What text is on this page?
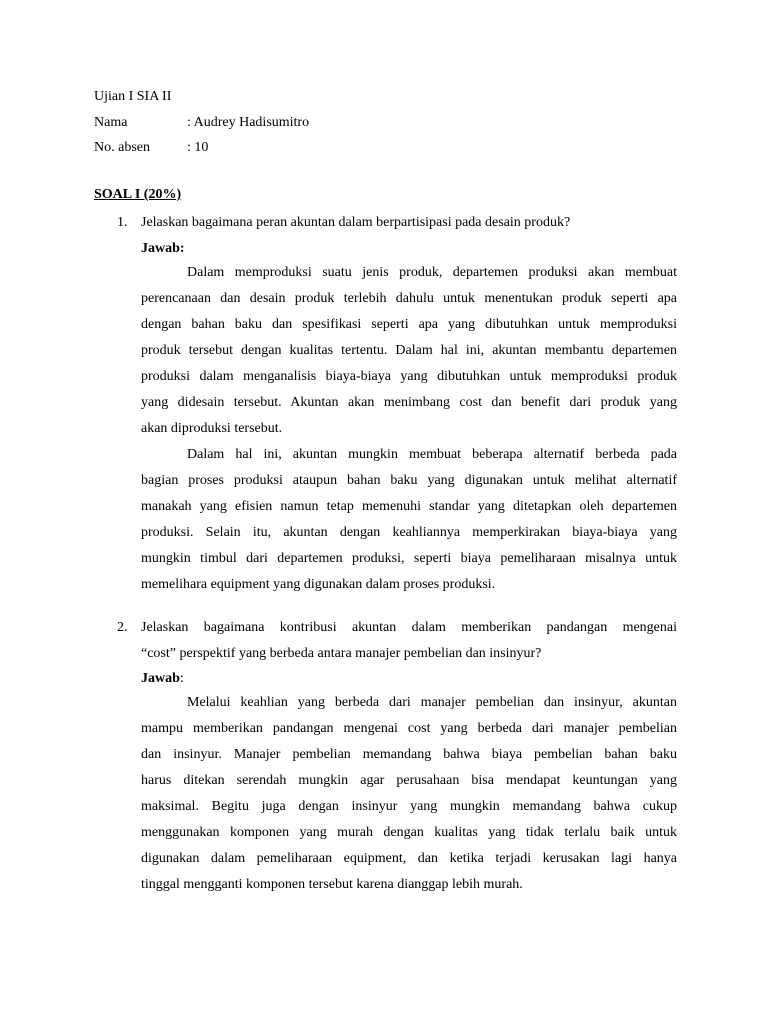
Ujian I SIA II
Nama	: Audrey Hadisumitro
No. absen	: 10
SOAL I (20%)
1. Jelaskan bagaimana peran akuntan dalam berpartisipasi pada desain produk?
Jawab:
Dalam memproduksi suatu jenis produk, departemen produksi akan membuat
perencanaan dan desain produk terlebih dahulu untuk menentukan produk seperti apa
dengan bahan baku dan spesifikasi seperti apa yang dibutuhkan untuk memproduksi
produk tersebut dengan kualitas tertentu. Dalam hal ini, akuntan membantu departemen
produksi dalam menganalisis biaya-biaya yang dibutuhkan untuk memproduksi produk
yang didesain tersebut. Akuntan akan menimbang cost dan benefit dari produk yang
akan diproduksi tersebut.
Dalam hal ini, akuntan mungkin membuat beberapa alternatif berbeda pada
bagian proses produksi ataupun bahan baku yang digunakan untuk melihat alternatif
manakah yang efisien namun tetap memenuhi standar yang ditetapkan oleh departemen
produksi. Selain itu, akuntan dengan keahliannya memperkirakan biaya-biaya yang
mungkin timbul dari departemen produksi, seperti biaya pemeliharaan misalnya untuk
memelihara equipment yang digunakan dalam proses produksi.
2. Jelaskan bagaimana kontribusi akuntan dalam memberikan pandangan mengenai
“cost” perspektif yang berbeda antara manajer pembelian dan insinyur?
Jawab:
Melalui keahlian yang berbeda dari manajer pembelian dan insinyur, akuntan
mampu memberikan pandangan mengenai cost yang berbeda dari manajer pembelian
dan insinyur. Manajer pembelian memandang bahwa biaya pembelian bahan baku
harus ditekan serendah mungkin agar perusahaan bisa mendapat keuntungan yang
maksimal. Begitu juga dengan insinyur yang mungkin memandang bahwa cukup
menggunakan komponen yang murah dengan kualitas yang tidak terlalu baik untuk
digunakan dalam pemeliharaan equipment, dan ketika terjadi kerusakan lagi hanya
tinggal mengganti komponen tersebut karena dianggap lebih murah.
